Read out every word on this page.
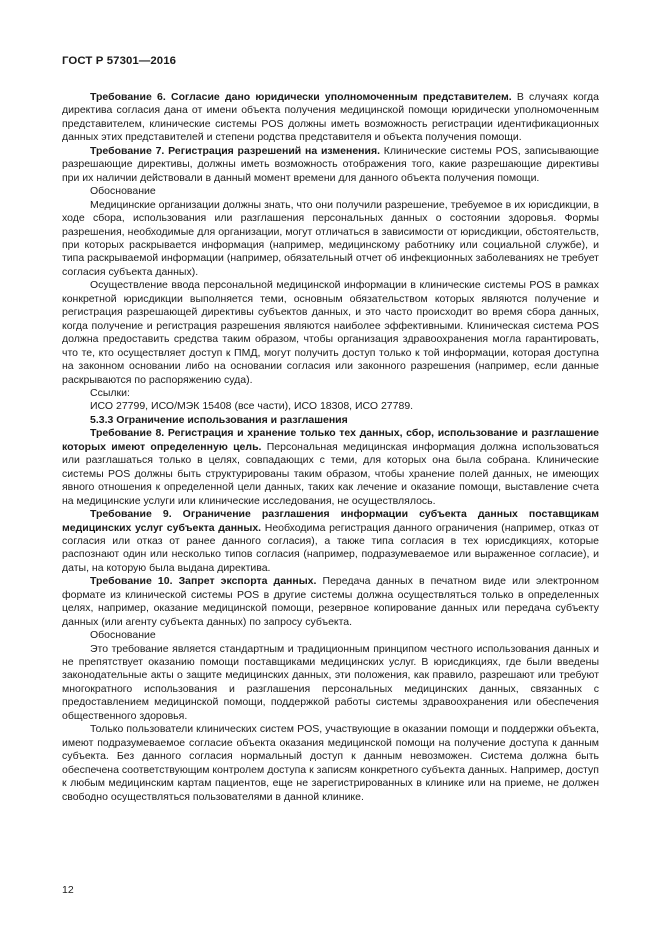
ГОСТ Р 57301—2016

Требование 6. Согласие дано юридически уполномоченным представителем. В случаях когда директива согласия дана от имени объекта получения медицинской помощи юридически уполномоченным представителем, клинические системы POS должны иметь возможность регистрации идентификационных данных этих представителей и степени родства представителя и объекта получения помощи.

Требование 7. Регистрация разрешений на изменения. Клинические системы POS, записывающие разрешающие директивы, должны иметь возможность отображения того, какие разрешающие директивы при их наличии действовали в данный момент времени для данного объекта получения помощи.

Обоснование

Медицинские организации должны знать, что они получили разрешение, требуемое в их юрисдикции, в ходе сбора, использования или разглашения персональных данных о состоянии здоровья. Формы разрешения, необходимые для организации, могут отличаться в зависимости от юрисдикции, обстоятельств, при которых раскрывается информация (например, медицинскому работнику или социальной службе), и типа раскрываемой информации (например, обязательный отчет об инфекционных заболеваниях не требует согласия субъекта данных).

Осуществление ввода персональной медицинской информации в клинические системы POS в рамках конкретной юрисдикции выполняется теми, основным обязательством которых являются получение и регистрация разрешающей директивы субъектов данных, и это часто происходит во время сбора данных, когда получение и регистрация разрешения являются наиболее эффективными. Клиническая система POS должна предоставить средства таким образом, чтобы организация здравоохранения могла гарантировать, что те, кто осуществляет доступ к ПМД, могут получить доступ только к той информации, которая доступна на законном основании либо на основании согласия или законного разрешения (например, если данные раскрываются по распоряжению суда).

Ссылки:

ИСО 27799, ИСО/МЭК 15408 (все части), ИСО 18308, ИСО 27789.

5.3.3 Ограничение использования и разглашения

Требование 8. Регистрация и хранение только тех данных, сбор, использование и разглашение которых имеют определенную цель. Персональная медицинская информация должна использоваться или разглашаться только в целях, совпадающих с теми, для которых она была собрана. Клинические системы POS должны быть структурированы таким образом, чтобы хранение полей данных, не имеющих явного отношения к определенной цели данных, таких как лечение и оказание помощи, выставление счета на медицинские услуги или клинические исследования, не осуществлялось.

Требование 9. Ограничение разглашения информации субъекта данных поставщикам медицинских услуг субъекта данных. Необходима регистрация данного ограничения (например, отказ от согласия или отказ от ранее данного согласия), а также типа согласия в тех юрисдикциях, которые распознают один или несколько типов согласия (например, подразумеваемое или выраженное согласие), и даты, на которую была выдана директива.

Требование 10. Запрет экспорта данных. Передача данных в печатном виде или электронном формате из клинической системы POS в другие системы должна осуществляться только в определенных целях, например, оказание медицинской помощи, резервное копирование данных или передача субъекту данных (или агенту субъекта данных) по запросу субъекта.

Обоснование

Это требование является стандартным и традиционным принципом честного использования данных и не препятствует оказанию помощи поставщиками медицинских услуг. В юрисдикциях, где были введены законодательные акты о защите медицинских данных, эти положения, как правило, разрешают или требуют многократного использования и разглашения персональных медицинских данных, связанных с предоставлением медицинской помощи, поддержкой работы системы здравоохранения или обеспечения общественного здоровья.

Только пользователи клинических систем POS, участвующие в оказании помощи и поддержки объекта, имеют подразумеваемое согласие объекта оказания медицинской помощи на получение доступа к данным субъекта. Без данного согласия нормальный доступ к данным невозможен. Система должна быть обеспечена соответствующим контролем доступа к записям конкретного субъекта данных. Например, доступ к любым медицинским картам пациентов, еще не зарегистрированных в клинике или на приеме, не должен свободно осуществляться пользователями в данной клинике.

12
